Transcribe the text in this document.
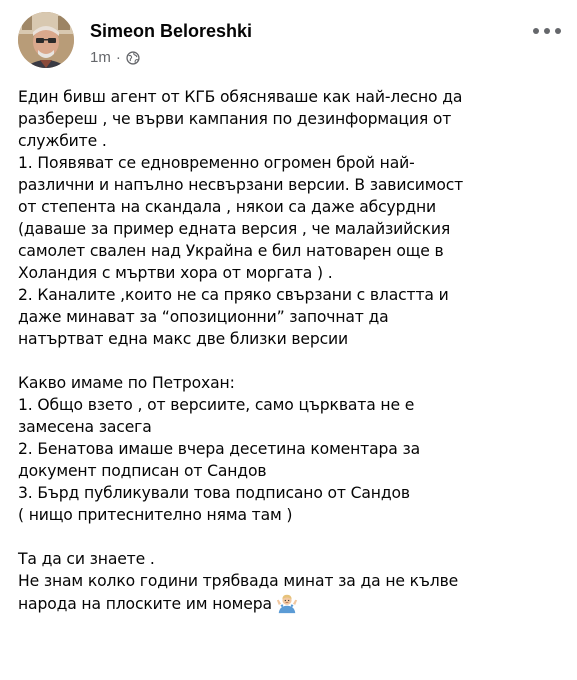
Simeon Beloreshki
1m ·
Един бивш агент от КГБ обясняваше как най-лесно да
разбереш , че върви кампания по дезинформация от
службите .
1. Появяват се едновременно огромен брой най-
различни и напълно несвързани версии. В зависимост
от степента на скандала , някои са даже абсурдни
(даваше за пример едната версия , че малайзийския
самолет свален над Украйна е бил натоварен още в
Холандия с мъртви хора от моргата ) .
2. Каналите ,които не са пряко свързани с властта и
даже минават за “опозиционни” започнат да
натъртват една макс две близки версии
Какво имаме по Петрохан:
1. Общо взето , от версиите, само църквата не е
замесена засега
2. Бенатова имаше вчера десетина коментара за
документ подписан от Сандов
3. Бърд публикували това подписано от Сандов
( нищо притеснително няма там )
Та да си знаете .
Не знам колко години трябвада минат за да не кълве
народа на плоските им номера
